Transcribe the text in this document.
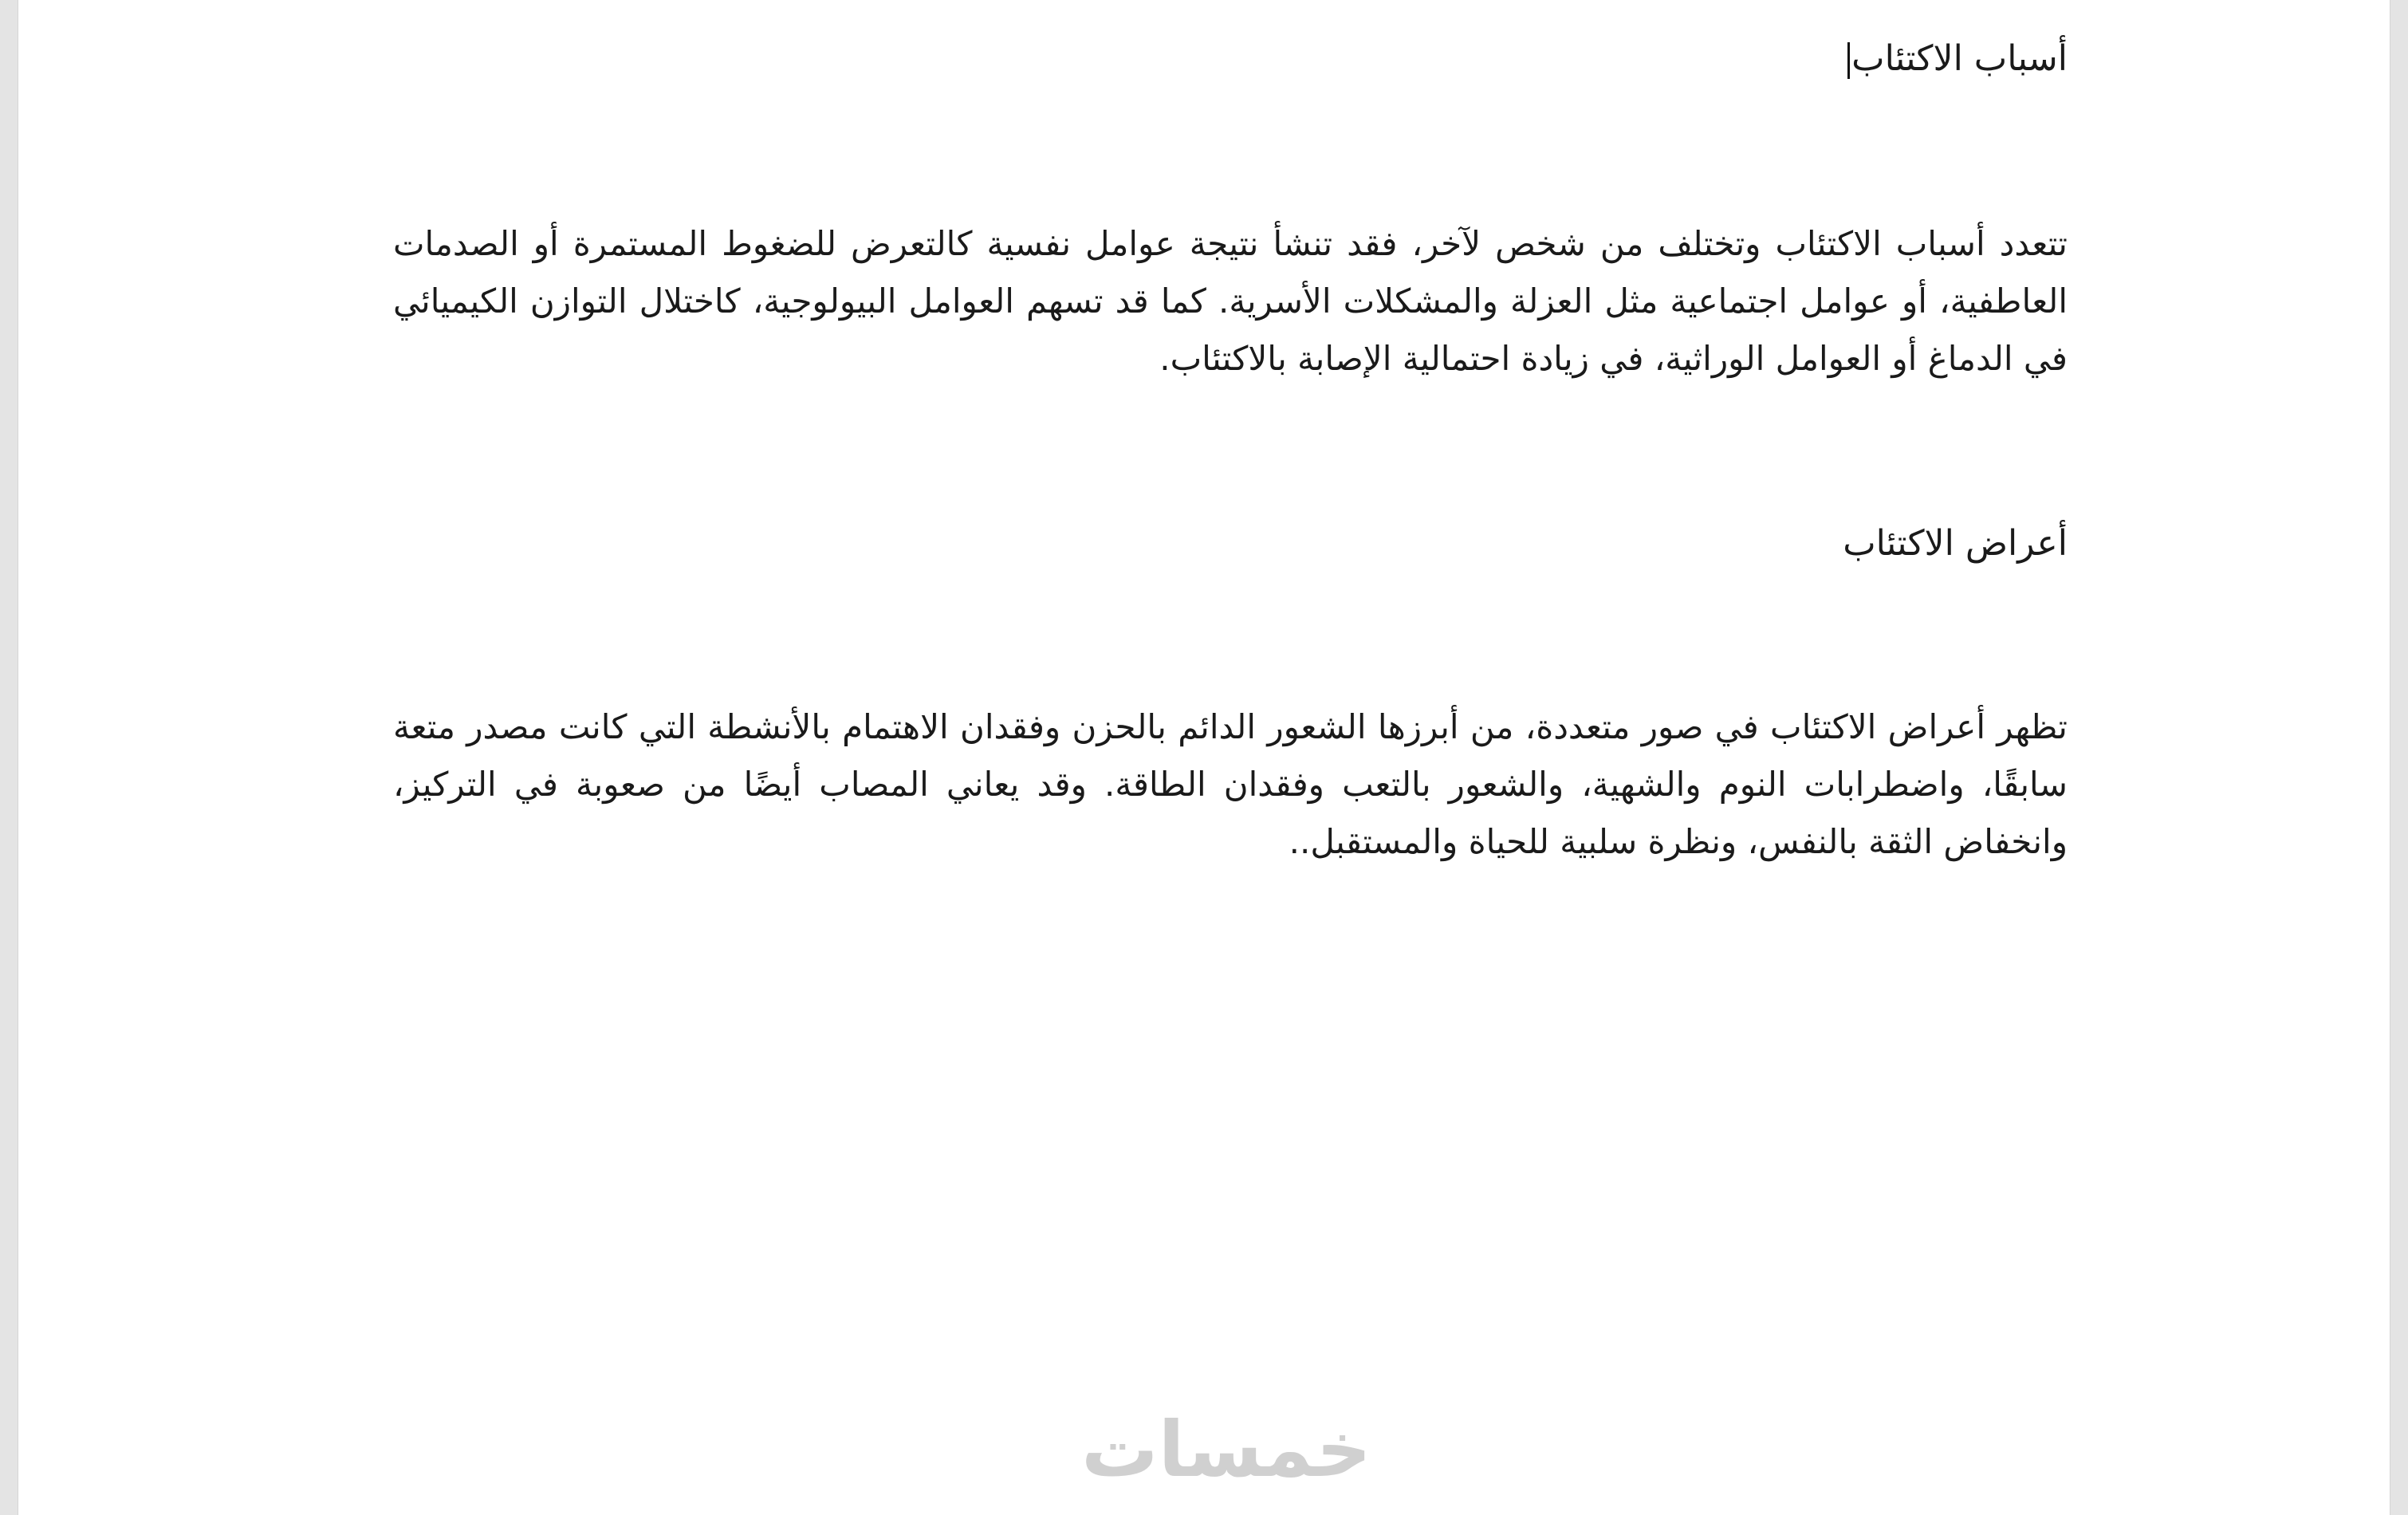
أسباب الاكتئاب

تتعدد أسباب الاكتئاب وتختلف من شخص لآخر، فقد تنشأ نتيجة عوامل نفسية كالتعرض للضغوط المستمرة أو الصدمات العاطفية، أو عوامل اجتماعية مثل العزلة والمشكلات الأسرية. كما قد تسهم العوامل البيولوجية، كاختلال التوازن الكيميائي في الدماغ أو العوامل الوراثية، في زيادة احتمالية الإصابة بالاكتئاب.

أعراض الاكتئاب

تظهر أعراض الاكتئاب في صور متعددة، من أبرزها الشعور الدائم بالحزن وفقدان الاهتمام بالأنشطة التي كانت مصدر متعة سابقًا، واضطرابات النوم والشهية، والشعور بالتعب وفقدان الطاقة. وقد يعاني المصاب أيضًا من صعوبة في التركيز، وانخفاض الثقة بالنفس، ونظرة سلبية للحياة والمستقبل..

خمسات
